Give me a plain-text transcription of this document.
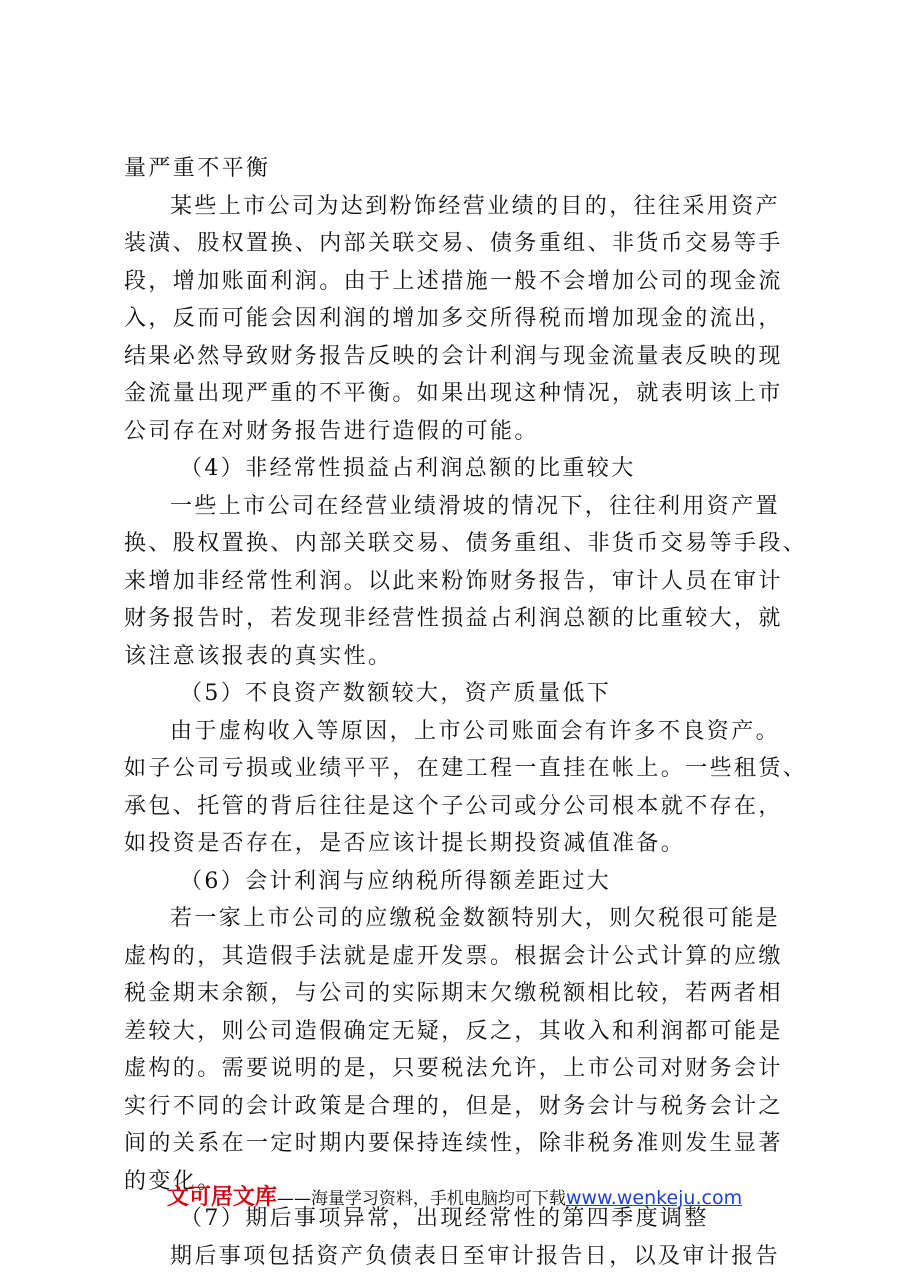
量严重不平衡
某些上市公司为达到粉饰经营业绩的目的，往往采用资产
装潢、股权置换、内部关联交易、债务重组、非货币交易等手
段，增加账面利润。由于上述措施一般不会增加公司的现金流
入，反而可能会因利润的增加多交所得税而增加现金的流出，
结果必然导致财务报告反映的会计利润与现金流量表反映的现
金流量出现严重的不平衡。如果出现这种情况，就表明该上市
公司存在对财务报告进行造假的可能。
（4）非经常性损益占利润总额的比重较大
一些上市公司在经营业绩滑坡的情况下，往往利用资产置
换、股权置换、内部关联交易、债务重组、非货币交易等手段、
来增加非经常性利润。以此来粉饰财务报告，审计人员在审计
财务报告时，若发现非经营性损益占利润总额的比重较大，就
该注意该报表的真实性。
（5）不良资产数额较大，资产质量低下
由于虚构收入等原因，上市公司账面会有许多不良资产。
如子公司亏损或业绩平平，在建工程一直挂在帐上。一些租赁、
承包、托管的背后往往是这个子公司或分公司根本就不存在，
如投资是否存在，是否应该计提长期投资减值准备。
（6）会计利润与应纳税所得额差距过大
若一家上市公司的应缴税金数额特别大，则欠税很可能是
虚构的，其造假手法就是虚开发票。根据会计公式计算的应缴
税金期末余额，与公司的实际期末欠缴税额相比较，若两者相
差较大，则公司造假确定无疑，反之，其收入和利润都可能是
虚构的。需要说明的是，只要税法允许，上市公司对财务会计
实行不同的会计政策是合理的，但是，财务会计与税务会计之
间的关系在一定时期内要保持连续性，除非税务准则发生显著
的变化。
（7）期后事项异常，出现经常性的第四季度调整
期后事项包括资产负债表日至审计报告日，以及审计报告
文可居文库——海量学习资料，手机电脑均可下载www.wenkeju.com
